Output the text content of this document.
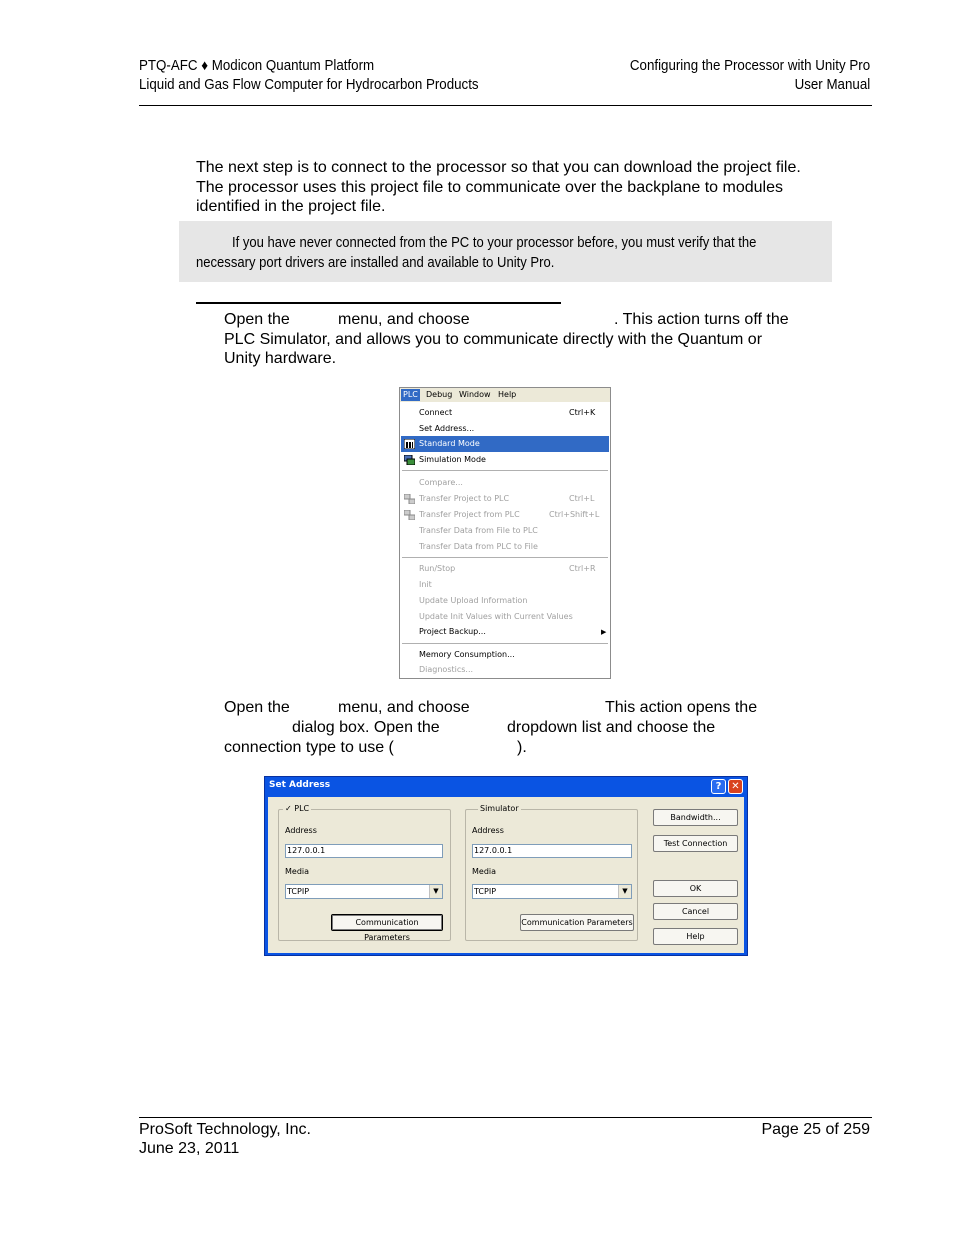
PTQ-AFC ♦ Modicon Quantum Platform
Liquid and Gas Flow Computer for Hydrocarbon Products
Configuring the Processor with Unity Pro
User Manual
The next step is to connect to the processor so that you can download the project file. The processor uses this project file to communicate over the backplane to modules identified in the project file.
If you have never connected from the PC to your processor before, you must verify that the necessary port drivers are installed and available to Unity Pro.
Open the	menu, and choose	. This action turns off the
PLC Simulator, and allows you to communicate directly with the Quantum or
Unity hardware.
PLC Debug Window Help
Connect	Ctrl+K
Set Address...
Standard Mode
Simulation Mode
Compare...
Transfer Project to PLC	Ctrl+L
Transfer Project from PLC	Ctrl+Shift+L
Transfer Data from File to PLC
Transfer Data from PLC to File
Run/Stop	Ctrl+R
Init
Update Upload Information
Update Init Values with Current Values
Project Backup...	▶
Memory Consumption...
Diagnostics...
Open the	menu, and choose	This action opens the
dialog box. Open the	dropdown list and choose the
connection type to use (	).
Set Address	? ✕
✓ PLC
Address
127.0.0.1
Media
TCPIP	▼
Communication Parameters
Simulator
Address
127.0.0.1
Media
TCPIP	▼
Communication Parameters
Bandwidth...
Test Connection
OK
Cancel
Help
ProSoft Technology, Inc.
June 23, 2011
Page 25 of 259
